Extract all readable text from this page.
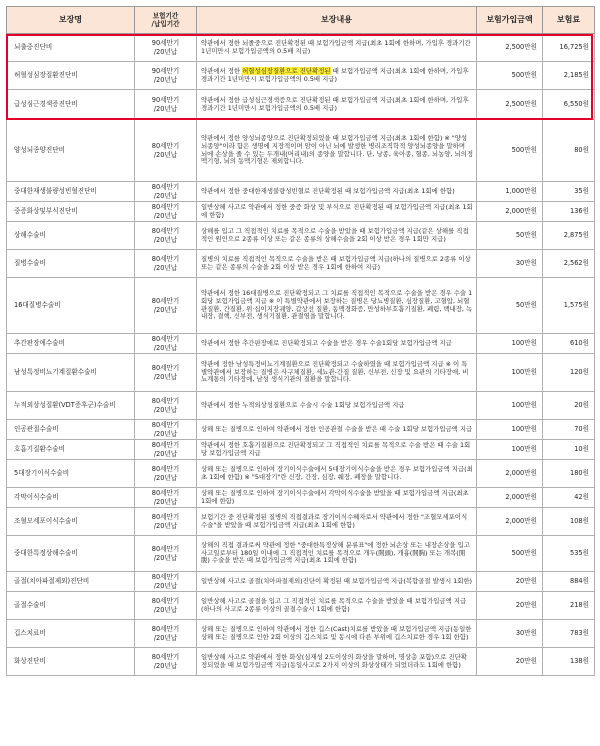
보장명	보험기간
/납입기간	보장내용	보험가입금액	보험료
뇌출중진단비	90세만기
/20년납	약관에서 정한 뇌졸중으로 진단확정된 때 보험가입금액 지급(최초 1회에 한하며, 가입후 경과기간 1년미만시 보험가입금액의 0.5배 지급)	2,500만원	16,725원
허혈성심장질환진단비	90세만기
/20년납	약관에서 정한 허혈성심장질환으로 진단확정된 때 보험가입금액 지급(최초 1회에 한하며, 가입후 경과기간 1년미만시 보험가입금액의 0.5배 지급)	500만원	2,185원
급성심근경색증진단비	90세만기
/20년납	약관에서 정한 급성심근경색증으로 진단확정된 때 보험가입금액 지급(최초 1회에 한하며, 가입후 경과기간 1년미만시 보험가입금액의 0.5배 지급)	2,500만원	6,550원
양성뇌종양진단비	80세만기
/20년납	약관에서 정한 양성뇌종양으로 진단확정되었을 때 보험가입금액 지급(최초 1회에 한함) ※ "양성뇌종양"이라 함은 생명에 지장적이며 암이 아닌 뇌에 발생한 병리조직학적 양성뇌종양을 말하며 뇌에 손상을 줄 수 있는 두개내(머리내)의 종양을 말합니다. 단, 낭종, 육아종, 혈종, 뇌농양, 뇌의정맥기형, 뇌의 동맥기형은 제외합니다.	500만원	80원
중대한재생불량성빈혈진단비	80세만기
/20년납	약관에서 정한 중대한재생불량성빈혈로 진단확정된 때 보험가입금액 지급(최초 1회에 한함)	1,000만원	35원
중증화상및부식진단비	80세만기
/20년납	일반상해 사고로 약관에서 정한 중증 화상 및 부식으로 진단확정된 때 보험가입금액 지급(최초 1회에 한함)	2,000만원	136원
상해수술비	80세만기
/20년납	상해를 입고 그 직접적인 치료를 목적으로 수술을 받았을 때 보험가입금액 지급(같은 상해를 직접적인 원인으로 2종류 이상 또는 같은 종류의 상해수술을 2회 이상 받은 경우 1회만 지급)	50만원	2,875원
질병수술비	80세만기
/20년납	질병의 치료를 직접적인 목적으로 수술을 받은 때 보험가입금액 지급(하나의 질병으로 2종류 이상 또는 같은 종류의 수술을 2회 이상 받은 경우 1회에 한하여 지급)	30만원	2,562원
16대질병수술비	80세만기
/20년납	약관에서 정한 16대질병으로 진단확정되고 그 치료를 직접적인 목적으로 수술을 받은 경우 수술 1회당 보험가입금액 지급 ※ 이 특별약관에서 보장하는 질병은 당뇨병질환, 심장질환, 고혈압, 뇌혈관질환, 간질환, 위·십이지장궤양, 갑상선 질환, 동맥경화증, 만성하부호흡기질환, 폐렴, 백내장, 녹내장, 결핵, 신부전, 생식기질환, 관절염을 말합니다.	50만원	1,575원
추간판장애수술비	80세만기
/20년납	약관에서 정한 추간판장애로 진단확정되고 수술을 받은 경우 수술1회당 보험가입금액 지급	100만원	610원
남성특정비뇨기계질환수술비	80세만기
/20년납	약관에 정한 남성특정비뇨기계질환으로 진단확정되고 수술하였을 때 보험가입금액 지급 ※ 이 특별약관에서 보장하는 질병은 사구체질환, 세뇨관-간질 질환, 신부전, 신장 및 요관의 기타장애, 비뇨계통의 기타장애, 남성 생식기관의 질환을 말합니다.	100만원	120원
누적외상성질환(VDT증후군)수술비	80세만기
/20년납	약관에서 정한 누적외상성질환으로 수술시 수술 1회당 보험가입금액 지급	100만원	20원
인공관절수술비	80세만기
/20년납	상해 또는 질병으로 인하여 약관에서 정한 인공관절 수술을 받은 때 수술 1회당 보험가입금액 지급	100만원	70원
호흡기질환수술비	80세만기
/20년납	약관에서 정한 호흡기질환으로 진단확정되고 그 직접적인 치료를 목적으로 수술 받은 때 수술 1회당 보험가입금액 지급	100만원	10원
5대장기이식수술비	80세만기
/20년납	상해 또는 질병으로 인하여 장기이식수술에서 5대장기이식수술을 받은 경우 보험가입금액 지급(최초 1회에 한함) ※ "5대장기"란 신장, 간장, 심장, 췌장, 폐장을 말합니다.	2,000만원	180원
각막이식수술비	80세만기
/20년납	상해 또는 질병으로 인하여 장기이식수술에서 각막이식수술을 받았을 때 보험가입금액 지급(최초 1회에 한함)	2,000만원	42원
조혈모세포이식수술비	80세만기
/20년납	보험기간 중 진단확정된 질병의 직접결과로 장기이식수혜자로서 약관에서 정한 "조혈모세포이식수술"을 받았을 때 보험가입금액 지급(최초 1회에 한함)	2,000만원	108원
중대한특정상해수술비	80세만기
/20년납	상해의 직접 결과로써 약관에 정한 "중대한특정상해 분류표"에 정한 뇌손상 또는 내장손상을 입고 사고일로부터 180일 이내에 그 직접적인 치료를 목적으로 개두(開頭), 개흉(開胸) 또는 개복(開腹) 수술을 받은 때 보험가입금액 지급(최초 1회에 한함)	500만원	535원
골절(치아파절제외)진단비	80세만기
/20년납	일반상해 사고로 골절(치아파절제외)진단이 확정된 때 보험가입금액 지급(복합골절 발생시 1회한)	20만원	884원
골절수술비	80세만기
/20년납	일반상해 사고로 골절을 입고 그 직접적인 치료를 목적으로 수술을 받았을 때 보험가입금액 지급(하나의 사고로 2종류 이상의 골절수술시 1회에 한함)	20만원	218원
깁스치료비	80세만기
/20년납	상해 또는 질병으로 인하여 약관에서 정한 깁스(Cast)치료를 받았을 때 보험가입금액 지급(동일한 상해 또는 질병으로 인한 2회 이상의 깁스치료 및 동시에 다른 부위에 깁스치료한 경우 1회 한함)	30만원	783원
화상진단비	80세만기
/20년납	일반상해 사고로 약관에서 정한 화상(심재성 2도이상의 화상을 말하며, 명상층 포함)으로 진단확정되었을 때 보험가입금액 지급(동일사고로 2가지 이상의 화상상태가 되었더라도 1회에 한함)	20만원	138원
